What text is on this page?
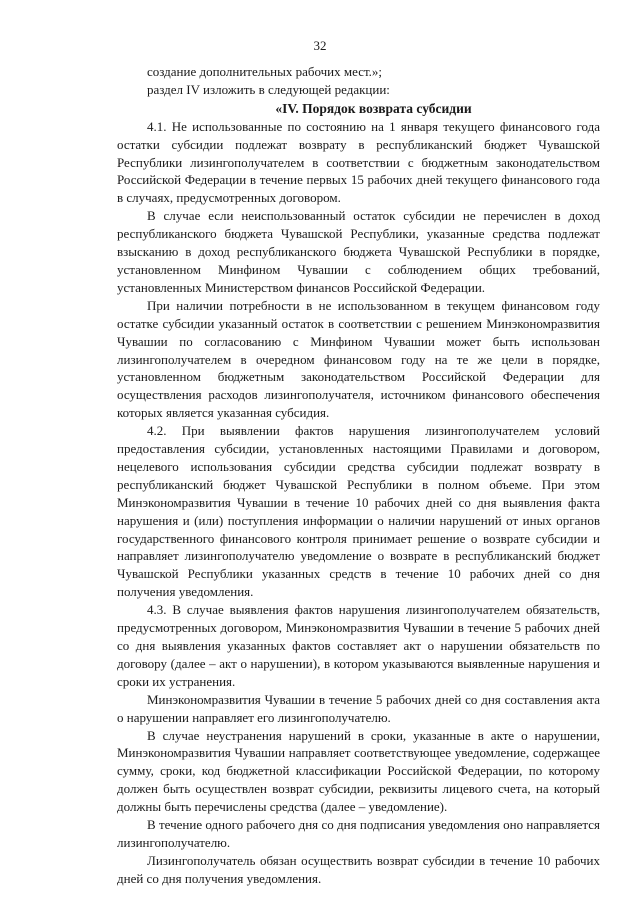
32

создание дополнительных рабочих мест.»;

раздел IV изложить в следующей редакции:

«IV. Порядок возврата субсидии

4.1. Не использованные по состоянию на 1 января текущего финансового года остатки субсидии подлежат возврату в республиканский бюджет Чувашской Республики лизингополучателем в соответствии с бюджетным законодательством Российской Федерации в течение первых 15 рабочих дней текущего финансового года в случаях, предусмотренных договором.

В случае если неиспользованный остаток субсидии не перечислен в доход республиканского бюджета Чувашской Республики, указанные средства подлежат взысканию в доход республиканского бюджета Чувашской Республики в порядке, установленном Минфином Чувашии с соблюдением общих требований, установленных Министерством финансов Российской Федерации.

При наличии потребности в не использованном в текущем финансовом году остатке субсидии указанный остаток в соответствии с решением Минэкономразвития Чувашии по согласованию с Минфином Чувашии может быть использован лизингополучателем в очередном финансовом году на те же цели в порядке, установленном бюджетным законодательством Российской Федерации для осуществления расходов лизингополучателя, источником финансового обеспечения которых является указанная субсидия.

4.2. При выявлении фактов нарушения лизингополучателем условий предоставления субсидии, установленных настоящими Правилами и договором, нецелевого использования субсидии средства субсидии подлежат возврату в республиканский бюджет Чувашской Республики в полном объеме. При этом Минэкономразвития Чувашии в течение 10 рабочих дней со дня выявления факта нарушения и (или) поступления информации о наличии нарушений от иных органов государственного финансового контроля принимает решение о возврате субсидии и направляет лизингополучателю уведомление о возврате в республиканский бюджет Чувашской Республики указанных средств в течение 10 рабочих дней со дня получения уведомления.

4.3. В случае выявления фактов нарушения лизингополучателем обязательств, предусмотренных договором, Минэкономразвития Чувашии в течение 5 рабочих дней со дня выявления указанных фактов составляет акт о нарушении обязательств по договору (далее – акт о нарушении), в котором указываются выявленные нарушения и сроки их устранения.

Минэкономразвития Чувашии в течение 5 рабочих дней со дня составления акта о нарушении направляет его лизингополучателю.

В случае неустранения нарушений в сроки, указанные в акте о нарушении, Минэкономразвития Чувашии направляет соответствующее уведомление, содержащее сумму, сроки, код бюджетной классификации Российской Федерации, по которому должен быть осуществлен возврат субсидии, реквизиты лицевого счета, на который должны быть перечислены средства (далее – уведомление).

В течение одного рабочего дня со дня подписания уведомления оно направляется лизингополучателю.

Лизингополучатель обязан осуществить возврат субсидии в течение 10 рабочих дней со дня получения уведомления.
